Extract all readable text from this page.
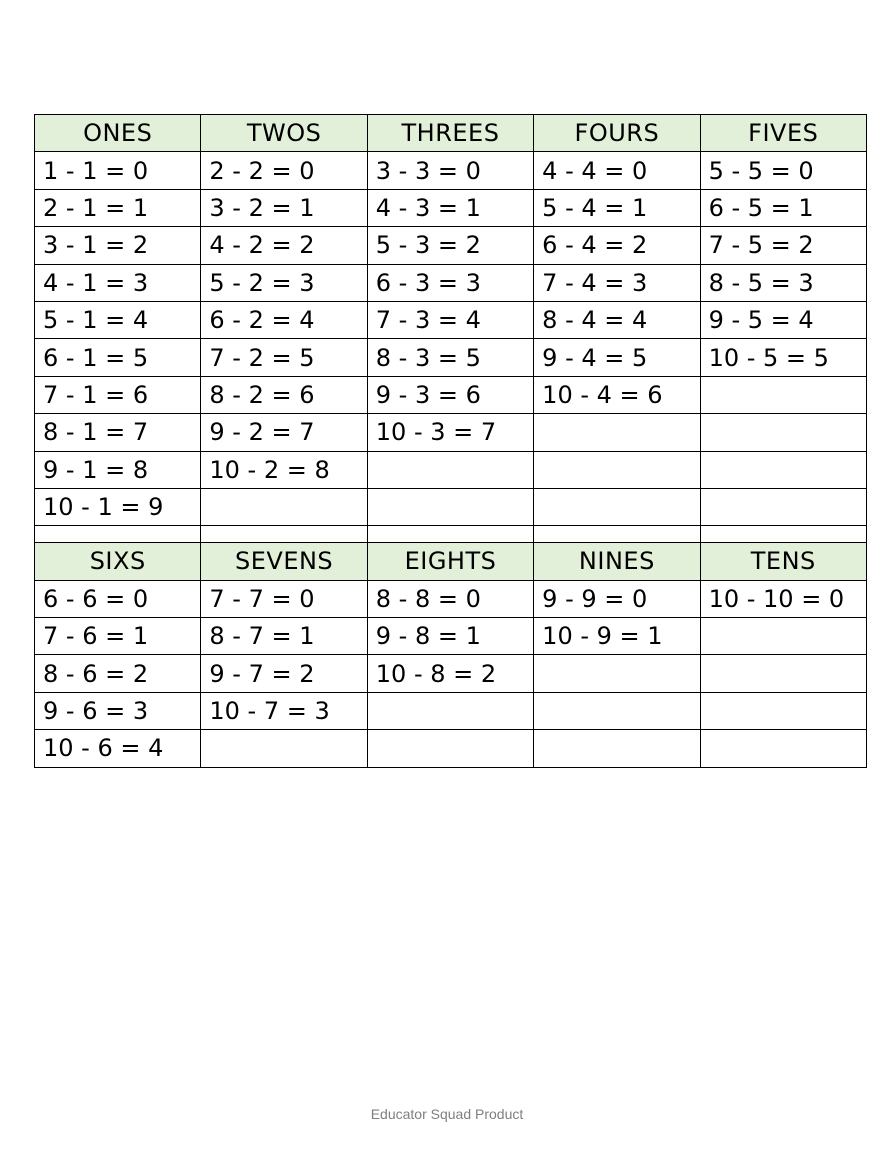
ONES	TWOS	THREES	FOURS	FIVES
1 - 1 = 0	2 - 2 = 0	3 - 3 = 0	4 - 4 = 0	5 - 5 = 0
2 - 1 = 1	3 - 2 = 1	4 - 3 = 1	5 - 4 = 1	6 - 5 = 1
3 - 1 = 2	4 - 2 = 2	5 - 3 = 2	6 - 4 = 2	7 - 5 = 2
4 - 1 = 3	5 - 2 = 3	6 - 3 = 3	7 - 4 = 3	8 - 5 = 3
5 - 1 = 4	6 - 2 = 4	7 - 3 = 4	8 - 4 = 4	9 - 5 = 4
6 - 1 = 5	7 - 2 = 5	8 - 3 = 5	9 - 4 = 5	10 - 5 = 5
7 - 1 = 6	8 - 2 = 6	9 - 3 = 6	10 - 4 = 6	
8 - 1 = 7	9 - 2 = 7	10 - 3 = 7		
9 - 1 = 8	10 - 2 = 8			
10 - 1 = 9				

SIXS	SEVENS	EIGHTS	NINES	TENS
6 - 6 = 0	7 - 7 = 0	8 - 8 = 0	9 - 9 = 0	10 - 10 = 0
7 - 6 = 1	8 - 7 = 1	9 - 8 = 1	10 - 9 = 1	
8 - 6 = 2	9 - 7 = 2	10 - 8 = 2		
9 - 6 = 3	10 - 7 = 3			
10 - 6 = 4				
Educator Squad Product
